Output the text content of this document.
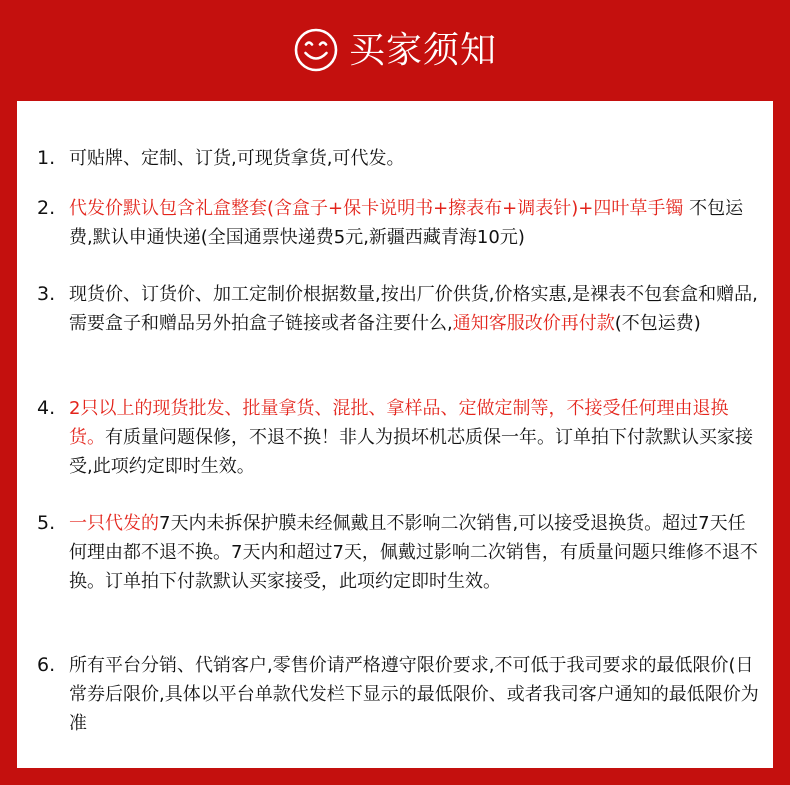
买家须知
1. 可贴牌、定制、订货,可现货拿货,可代发。
2. 代发价默认包含礼盒整套(含盒子+保卡说明书+擦表布+调表针)+四叶草手镯 不包运费,默认申通快递(全国通票快递费5元,新疆西藏青海10元)
3. 现货价、订货价、加工定制价根据数量,按出厂价供货,价格实惠,是裸表不包套盒和赠品,需要盒子和赠品另外拍盒子链接或者备注要什么,通知客服改价再付款(不包运费)
4. 2只以上的现货批发、批量拿货、混批、拿样品、定做定制等，不接受任何理由退换货。有质量问题保修，不退不换！非人为损坏机芯质保一年。订单拍下付款默认买家接受,此项约定即时生效。
5. 一只代发的7天内未拆保护膜未经佩戴且不影响二次销售,可以接受退换货。超过7天任何理由都不退不换。7天内和超过7天，佩戴过影响二次销售，有质量问题只维修不退不换。订单拍下付款默认买家接受，此项约定即时生效。
6. 所有平台分销、代销客户,零售价请严格遵守限价要求,不可低于我司要求的最低限价(日常券后限价,具体以平台单款代发栏下显示的最低限价、或者我司客户通知的最低限价为准
